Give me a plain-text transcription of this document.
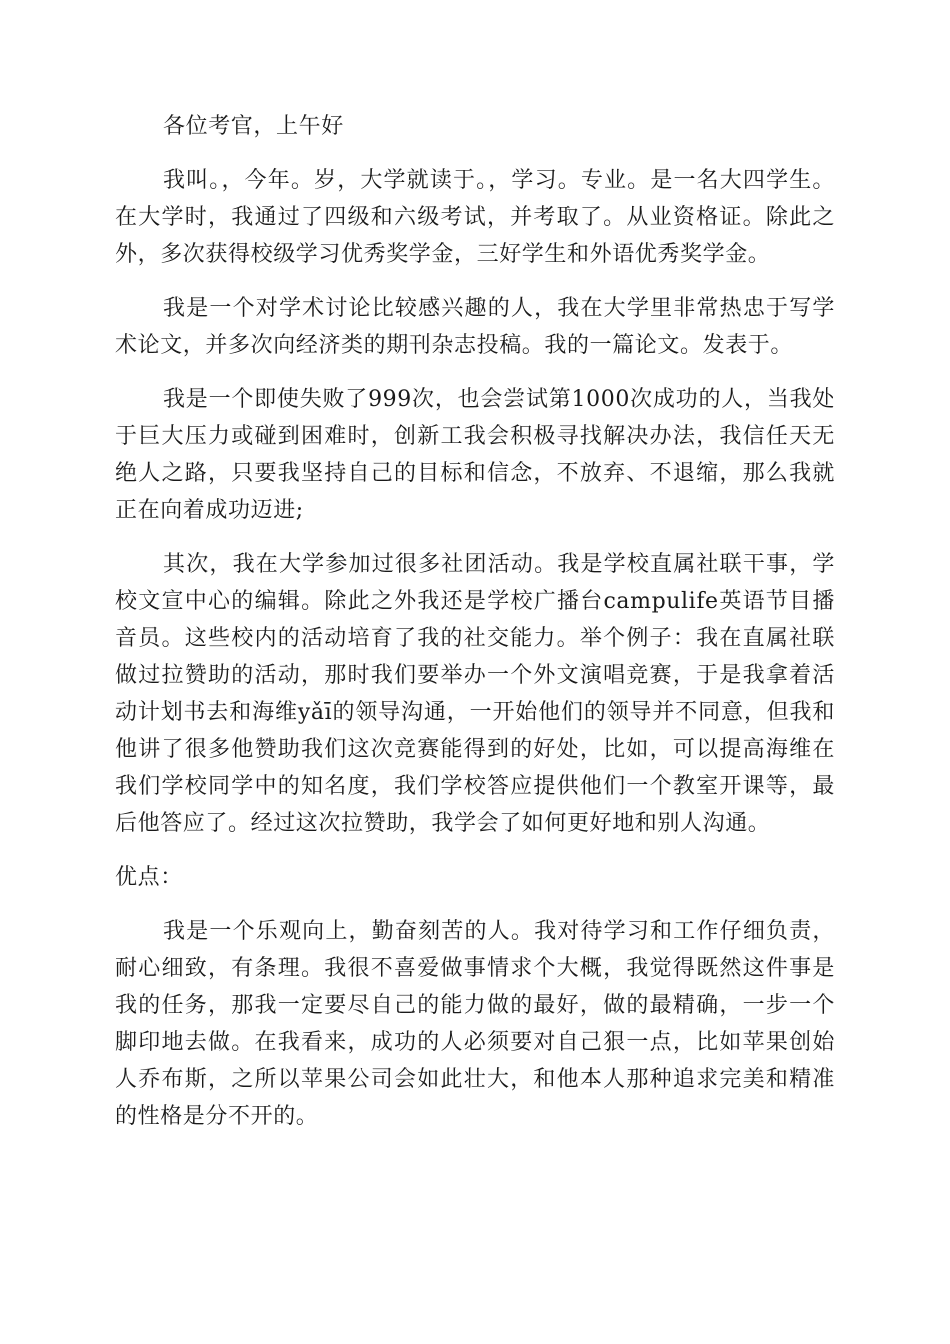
各位考官，上午好

我叫。，今年。岁，大学就读于。，学习。专业。是一名大四学生。在大学时，我通过了四级和六级考试，并考取了。从业资格证。除此之外，多次获得校级学习优秀奖学金，三好学生和外语优秀奖学金。

我是一个对学术讨论比较感兴趣的人，我在大学里非常热忠于写学术论文，并多次向经济类的期刊杂志投稿。我的一篇论文。发表于。

我是一个即使失败了999次，也会尝试第1000次成功的人，当我处于巨大压力或碰到困难时，创新工我会积极寻找解决办法，我信任天无绝人之路，只要我坚持自己的目标和信念，不放弃、不退缩，那么我就正在向着成功迈进;

其次，我在大学参加过很多社团活动。我是学校直属社联干事，学校文宣中心的编辑。除此之外我还是学校广播台campulife英语节目播音员。这些校内的活动培育了我的社交能力。举个例子：我在直属社联做过拉赞助的活动，那时我们要举办一个外文演唱竞赛，于是我拿着活动计划书去和海维yǎī的领导沟通，一开始他们的领导并不同意，但我和他讲了很多他赞助我们这次竞赛能得到的好处，比如，可以提高海维在我们学校同学中的知名度，我们学校答应提供他们一个教室开课等，最后他答应了。经过这次拉赞助，我学会了如何更好地和别人沟通。

优点：

我是一个乐观向上，勤奋刻苦的人。我对待学习和工作仔细负责，耐心细致，有条理。我很不喜爱做事情求个大概，我觉得既然这件事是我的任务，那我一定要尽自己的能力做的最好，做的最精确，一步一个脚印地去做。在我看来，成功的人必须要对自己狠一点，比如苹果创始人乔布斯，之所以苹果公司会如此壮大，和他本人那种追求完美和精准的性格是分不开的。
